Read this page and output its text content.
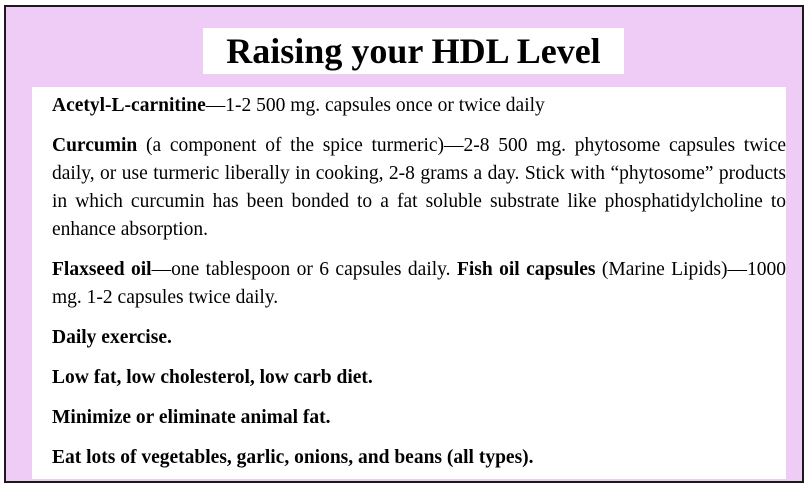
Raising your HDL Level

Acetyl-L-carnitine—1-2 500 mg. capsules once or twice daily

Curcumin (a component of the spice turmeric)—2-8 500 mg. phytosome capsules twice daily, or use turmeric liberally in cooking, 2-8 grams a day. Stick with “phytosome” products in which curcumin has been bonded to a fat soluble substrate like phosphatidylcholine to enhance absorption.

Flaxseed oil—one tablespoon or 6 capsules daily. Fish oil capsules (Marine Lipids)—1000 mg. 1-2 capsules twice daily.

Daily exercise.

Low fat, low cholesterol, low carb diet.

Minimize or eliminate animal fat.

Eat lots of vegetables, garlic, onions, and beans (all types).
